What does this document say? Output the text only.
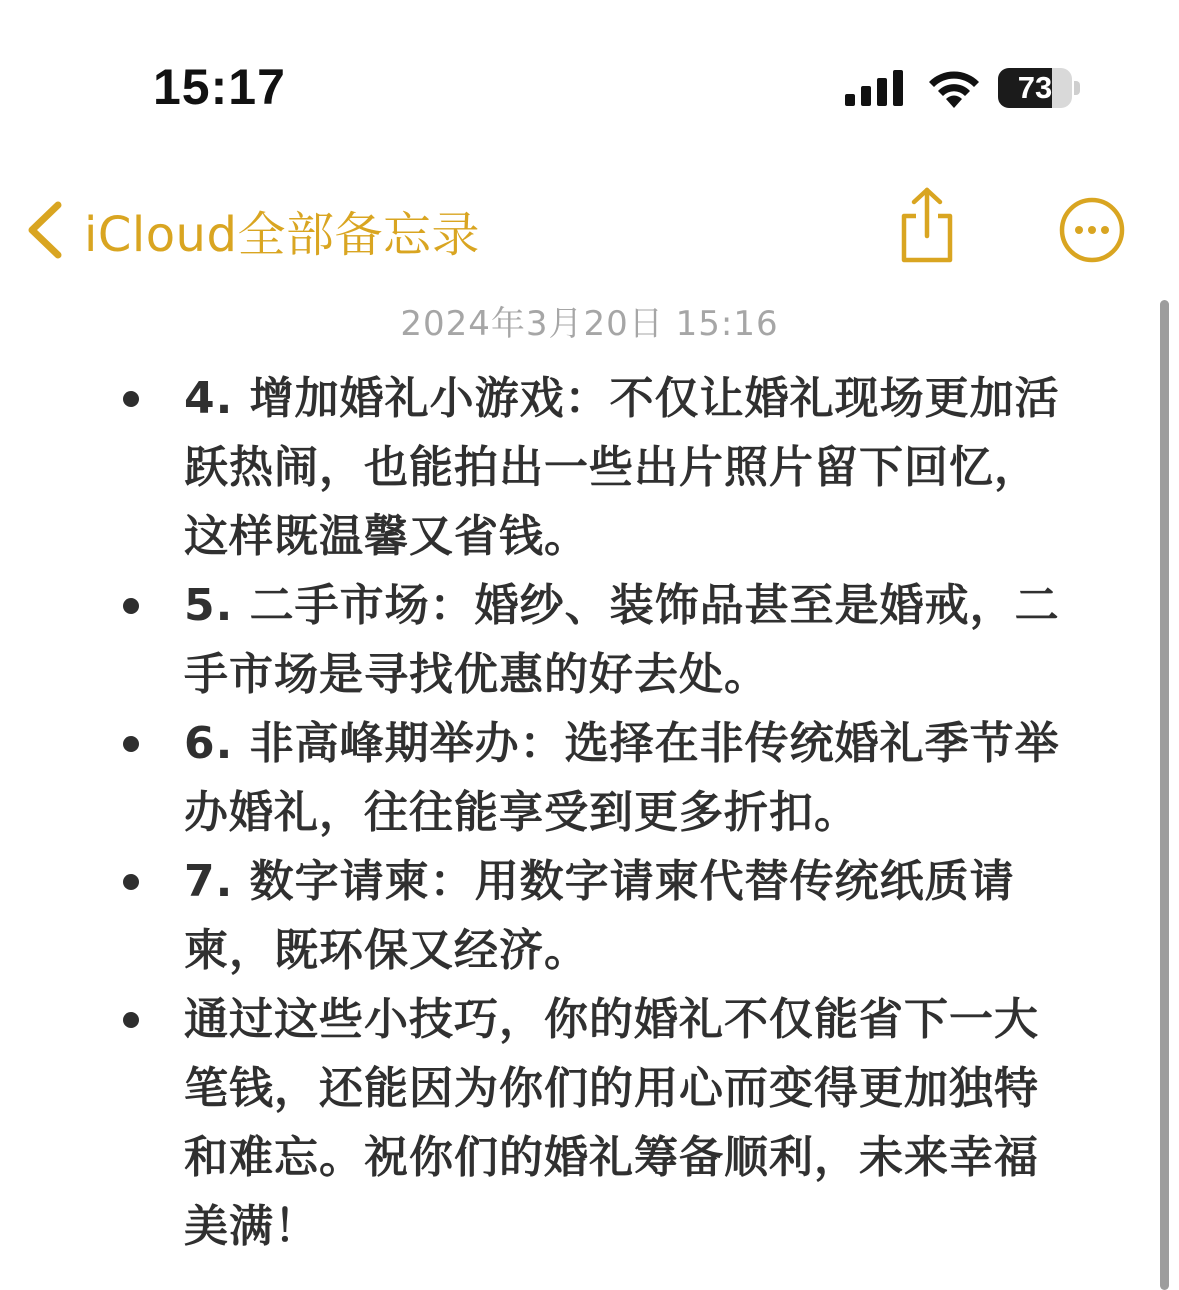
15:17	73
iCloud全部备忘录
2024年3月20日 15:16
4. 增加婚礼小游戏：不仅让婚礼现场更加活跃热闹，也能拍出一些出片照片留下回忆，这样既温馨又省钱。
5. 二手市场：婚纱、装饰品甚至是婚戒，二手市场是寻找优惠的好去处。
6. 非高峰期举办：选择在非传统婚礼季节举办婚礼，往往能享受到更多折扣。
7. 数字请柬：用数字请柬代替传统纸质请柬，既环保又经济。
通过这些小技巧，你的婚礼不仅能省下一大笔钱，还能因为你们的用心而变得更加独特和难忘。祝你们的婚礼筹备顺利，未来幸福美满！
